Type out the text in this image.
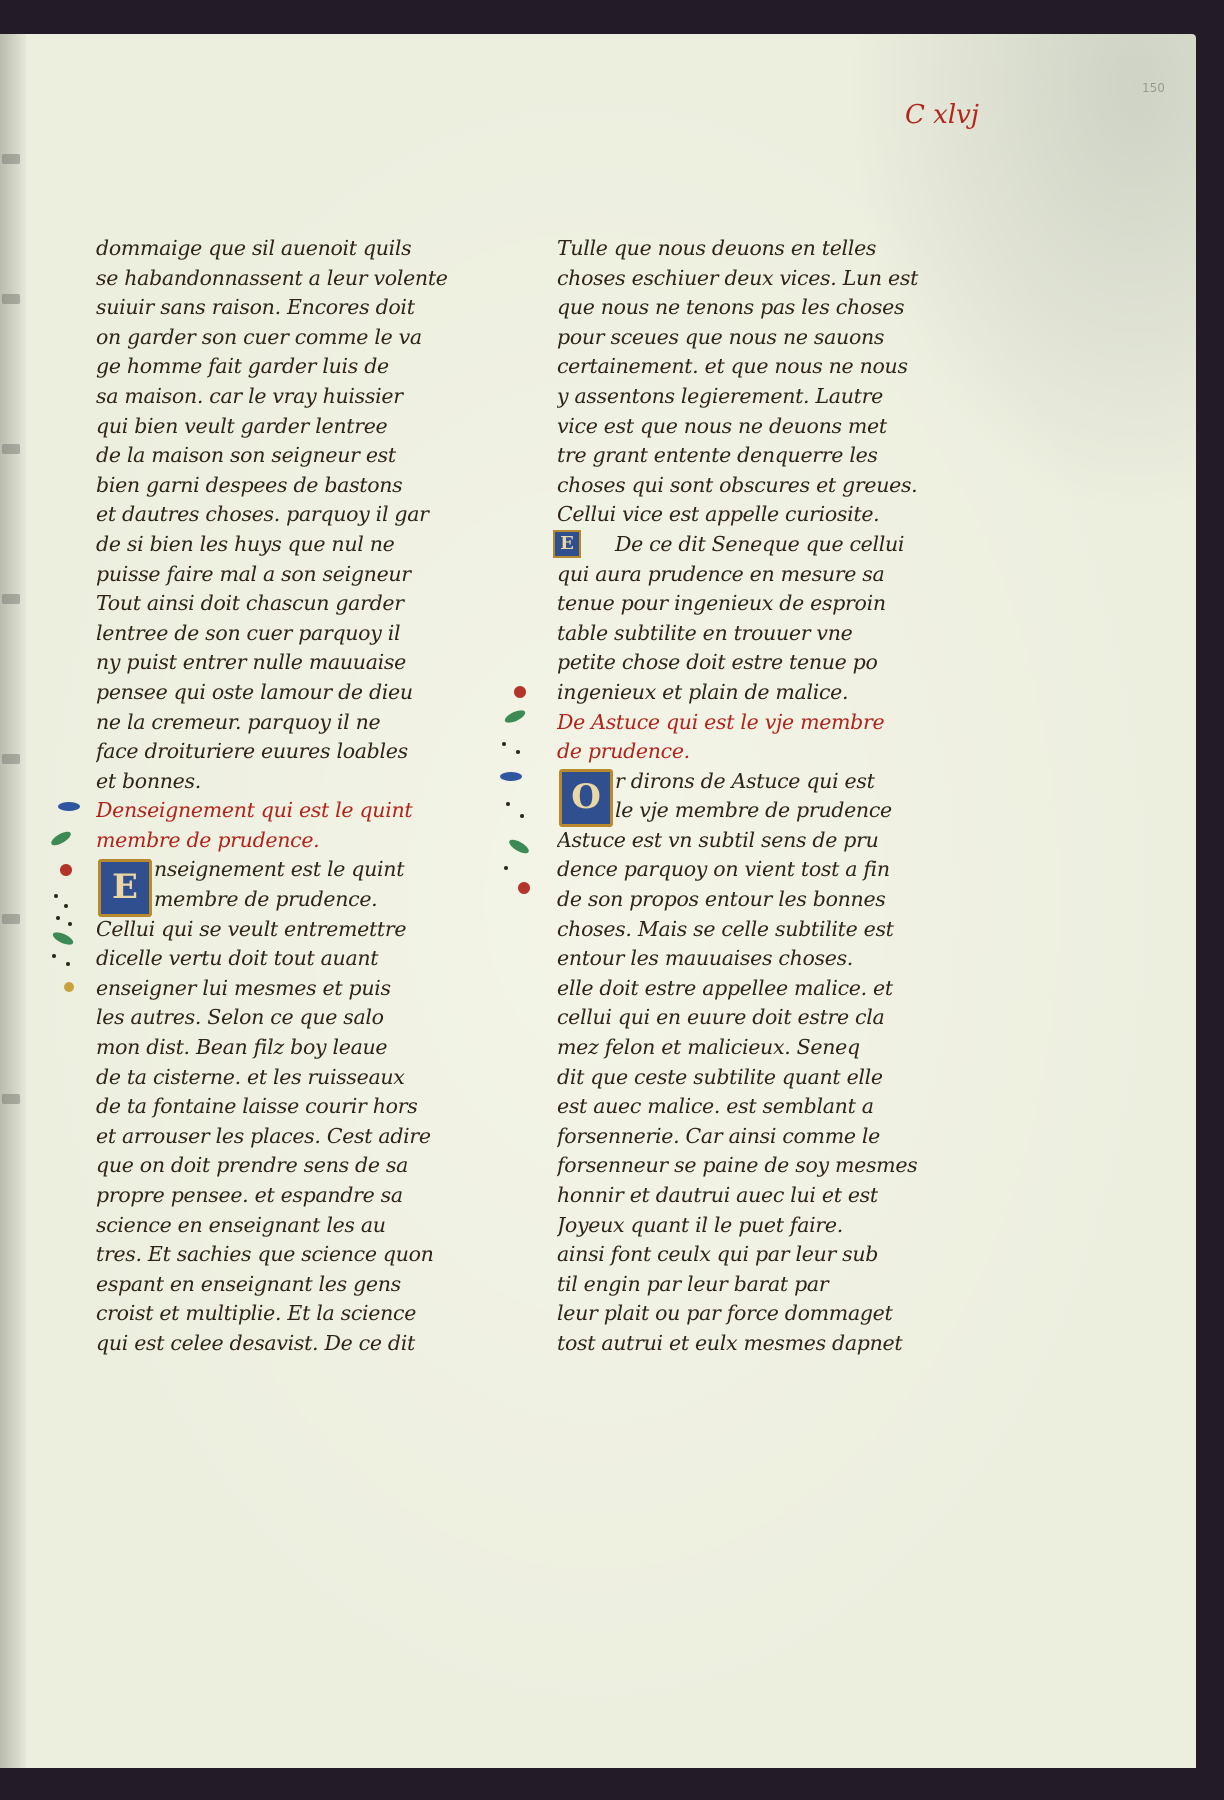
150
C xlvj
dommaige que sil auenoit quils
se habandonnassent a leur volente
suiuir sans raison. Encores doit
on garder son cuer comme le va
ge homme fait garder luis de
sa maison. car le vray huissier
qui bien veult garder lentree
de la maison son seigneur est
bien garni despees de bastons
et dautres choses. parquoy il gar
de si bien les huys que nul ne
puisse faire mal a son seigneur
Tout ainsi doit chascun garder
lentree de son cuer parquoy il
ny puist entrer nulle mauuaise
pensee qui oste lamour de dieu
ne la cremeur. parquoy il ne
face droituriere euures loables
et bonnes.
Denseignement qui est le quint
membre de prudence.
E nseignement est le quint
membre de prudence.
Cellui qui se veult entremettre
dicelle vertu doit tout auant
enseigner lui mesmes et puis
les autres. Selon ce que salo
mon dist. Bean filz boy leaue
de ta cisterne. et les ruisseaux
de ta fontaine laisse courir hors
et arrouser les places. Cest adire
que on doit prendre sens de sa
propre pensee. et espandre sa
science en enseignant les au
tres. Et sachies que science quon
espant en enseignant les gens
croist et multiplie. Et la science
qui est celee desavist. De ce dit
Tulle que nous deuons en telles
choses eschiuer deux vices. Lun est
que nous ne tenons pas les choses
pour sceues que nous ne sauons
certainement. et que nous ne nous
y assentons legierement. Lautre
vice est que nous ne deuons met
tre grant entente denquerre les
choses qui sont obscures et greues.
Cellui vice est appelle curiosite.
E	De ce dit Seneque que cellui
qui aura prudence en mesure sa
tenue pour ingenieux de esproin
table subtilite en trouuer vne
petite chose doit estre tenue po
ingenieux et plain de malice.
De Astuce qui est le vje membre
de prudence.
O r dirons de Astuce qui est
le vje membre de prudence
Astuce est vn subtil sens de pru
dence parquoy on vient tost a fin
de son propos entour les bonnes
choses. Mais se celle subtilite est
entour les mauuaises choses.
elle doit estre appellee malice. et
cellui qui en euure doit estre cla
mez felon et malicieux. Seneq
dit que ceste subtilite quant elle
est auec malice. est semblant a
forsennerie. Car ainsi comme le
forsenneur se paine de soy mesmes
honnir et dautrui auec lui et est
Joyeux quant il le puet faire.
ainsi font ceulx qui par leur sub
til engin par leur barat par
leur plait ou par force dommaget
tost autrui et eulx mesmes dapnet
